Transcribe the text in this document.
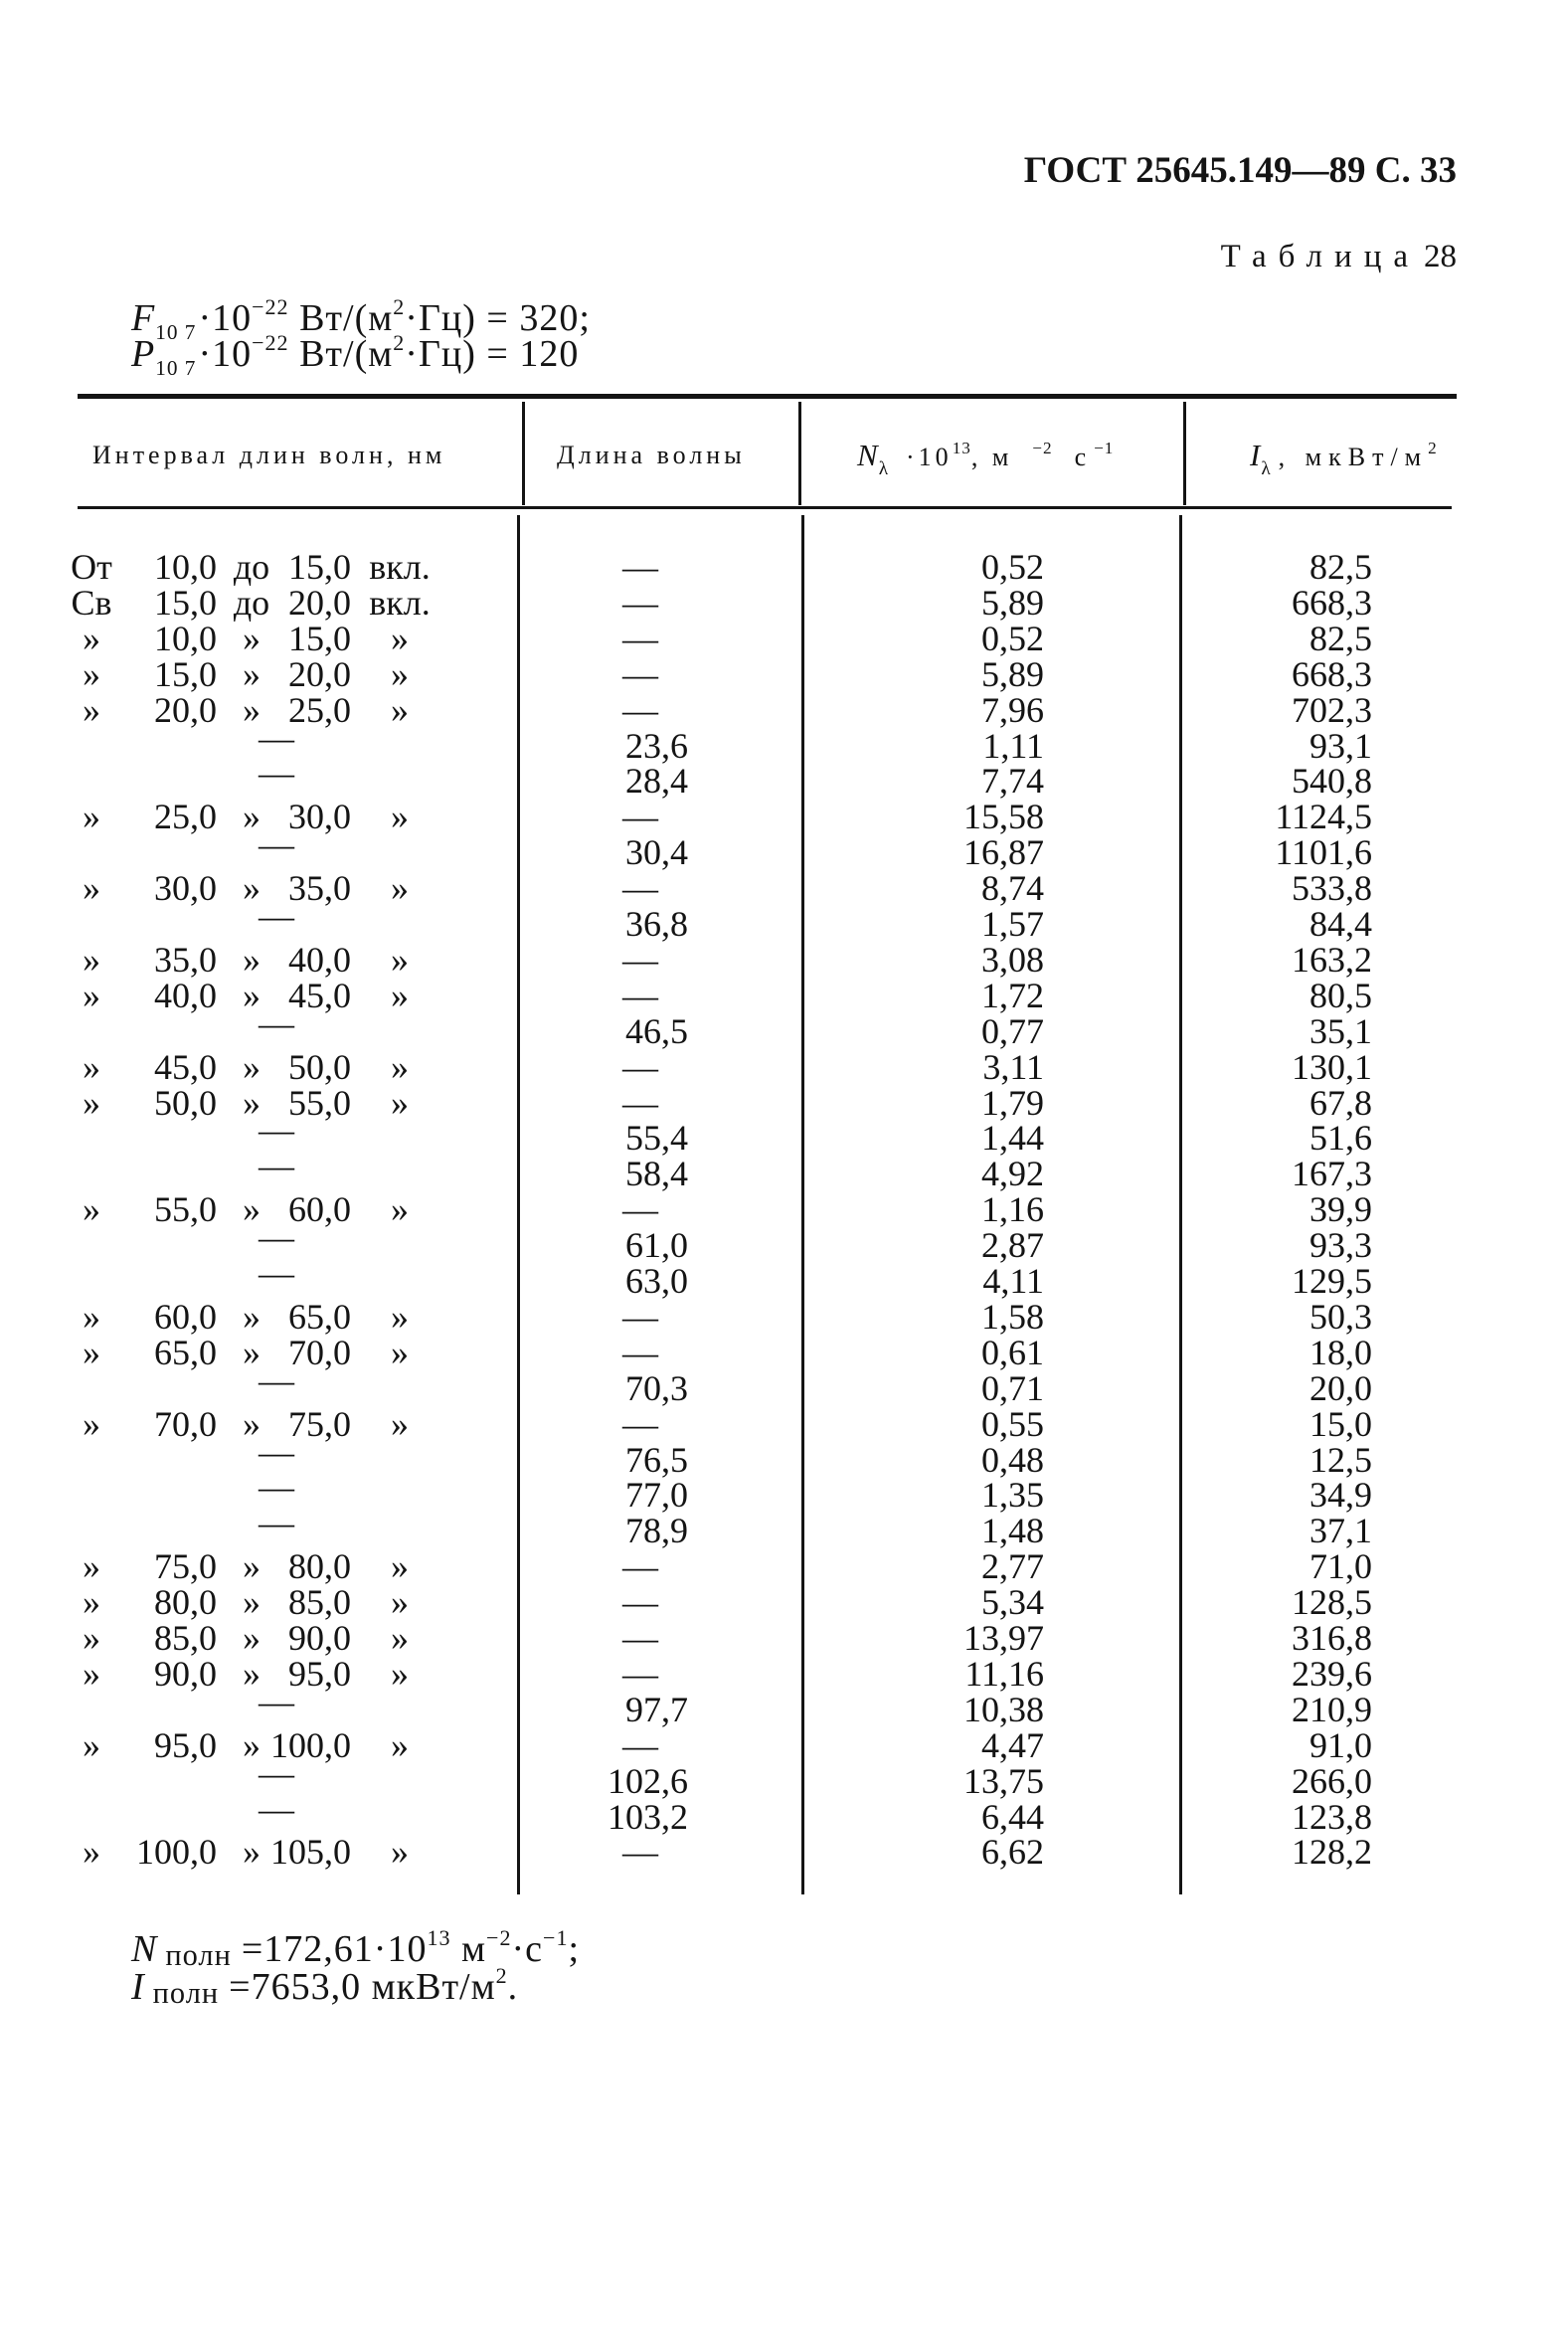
ГОСТ 25645.149—89 С. 33
Таблица 28
$F_{10 7}\cdot 10^{-22}$ $Вт/(м^2\cdot Гц) = 320$;
$P_{10 7}\cdot 10^{-22}$ $Вт/(м^2\cdot Гц) = 120$
Интервал длин волн, нм	Длина волны	$N_\lambda \cdot 10^{13}$, м $^{-2}$ с $^{-1}$	$I_\lambda$ , мкВт/$м^2$
От	10,0 до 15,0 вкл.	—	0,52	82,5
Св	15,0 до 20,0 вкл.	—	5,89	668,3
»	10,0 » 15,0	»	—	0,52	82,5
»	15,0 » 20,0	»	—	5,89	668,3
»	20,0 » 25,0	»	—	7,96	702,3
—	23,6	1,11	93,1
—	28,4	7,74	540,8
»	25,0 » 30,0	»	—	15,58	1124,5
—	30,4	16,87	1101,6
»	30,0 » 35,0	»	—	8,74	533,8
—	36,8	1,57	84,4
»	35,0 » 40,0	»	—	3,08	163,2
»	40,0 » 45,0	»	—	1,72	80,5
—	46,5	0,77	35,1
»	45,0 » 50,0	»	—	3,11	130,1
»	50,0 » 55,0	»	—	1,79	67,8
—	55,4	1,44	51,6
—	58,4	4,92	167,3
»	55,0 » 60,0	»	—	1,16	39,9
—	61,0	2,87	93,3
—	63,0	4,11	129,5
»	60,0 » 65,0	»	—	1,58	50,3
»	65,0 » 70,0	»	—	0,61	18,0
—	70,3	0,71	20,0
»	70,0 » 75,0	»	—	0,55	15,0
—	76,5	0,48	12,5
—	77,0	1,35	34,9
—	78,9	1,48	37,1
»	75,0 » 80,0	»	—	2,77	71,0
»	80,0 » 85,0	»	—	5,34	128,5
»	85,0 » 90,0	»	—	13,97	316,8
»	90,0 » 95,0	»	—	11,16	239,6
—	97,7	10,38	210,9
»	95,0 » 100,0	»	—	4,47	91,0
—	102,6	13,75	266,0
—	103,2	6,44	123,8
»	100,0 » 105,0	»	—	6,62	128,2
N полн $=172,61\cdot 10^{13}$ $м^{-2}\cdot с^{-1}$;
I полн =7653,0 мкВт/$м^2$.
